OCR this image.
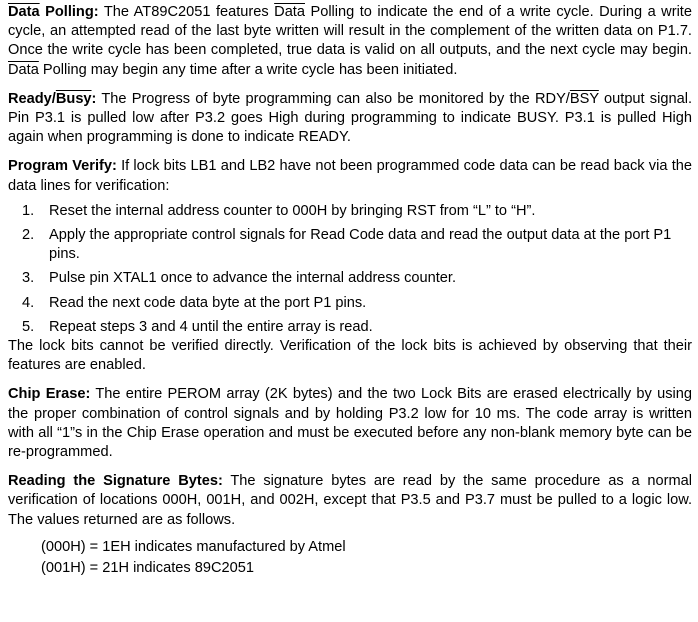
Data Polling: The AT89C2051 features Data Polling to indicate the end of a write cycle. During a write cycle, an attempted read of the last byte written will result in the complement of the written data on P1.7. Once the write cycle has been completed, true data is valid on all outputs, and the next cycle may begin. Data Polling may begin any time after a write cycle has been initiated.

Ready/Busy: The Progress of byte programming can also be monitored by the RDY/$\overline{BSY}$ output signal. Pin P3.1 is pulled low after P3.2 goes High during programming to indicate BUSY. P3.1 is pulled High again when programming is done to indicate READY.

Program Verify: If lock bits LB1 and LB2 have not been programmed code data can be read back via the data lines for verification:

1. Reset the internal address counter to 000H by bringing RST from “L” to “H”.
2. Apply the appropriate control signals for Read Code data and read the output data at the port P1 pins.
3. Pulse pin XTAL1 once to advance the internal address counter.
4. Read the next code data byte at the port P1 pins.
5. Repeat steps 3 and 4 until the entire array is read.

The lock bits cannot be verified directly. Verification of the lock bits is achieved by observing that their features are enabled.

Chip Erase: The entire PEROM array (2K bytes) and the two Lock Bits are erased electrically by using the proper combination of control signals and by holding P3.2 low for 10 ms. The code array is written with all “1”s in the Chip Erase operation and must be executed before any non-blank memory byte can be re-programmed.

Reading the Signature Bytes: The signature bytes are read by the same procedure as a normal verification of locations 000H, 001H, and 002H, except that P3.5 and P3.7 must be pulled to a logic low. The values returned are as follows.

(000H) = 1EH indicates manufactured by Atmel
(001H) = 21H indicates 89C2051
